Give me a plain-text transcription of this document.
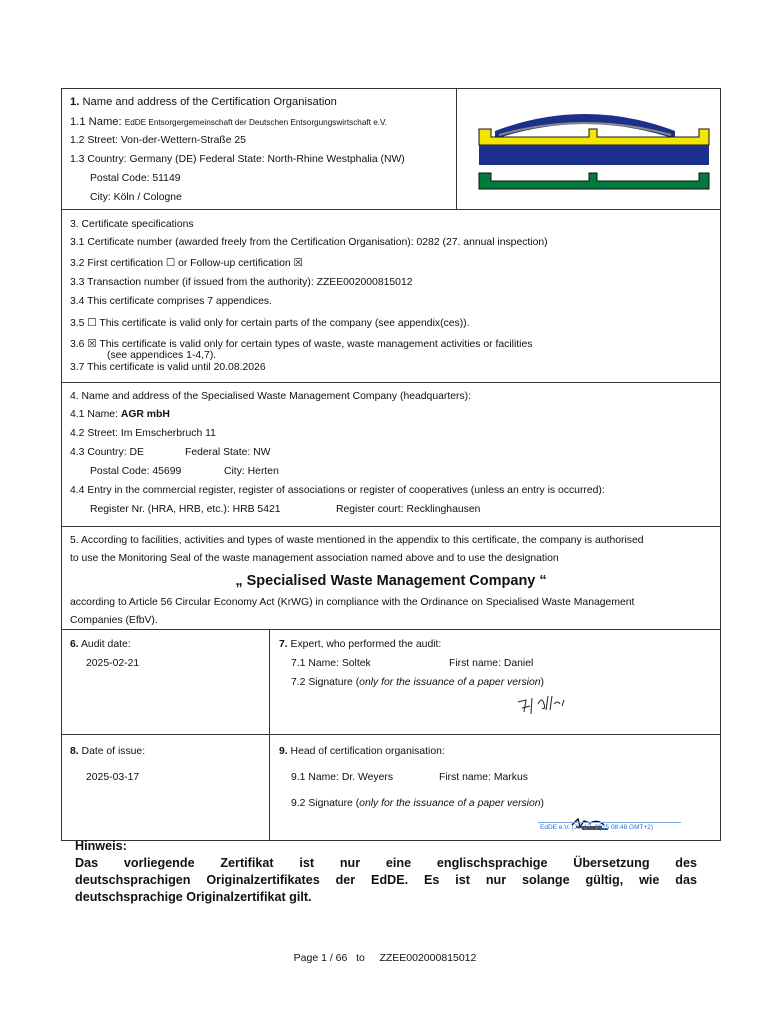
1. Name and address of the Certification Organisation
1.1 Name: EdDE Entsorgergemeinschaft der Deutschen Entsorgungswirtschaft e.V.
1.2 Street: Von-der-Wettern-Straße 25
1.3 Country: Germany (DE) Federal State: North-Rhine Westphalia (NW)
Postal Code: 51149
City: Köln / Cologne
3. Certificate specifications
3.1 Certificate number (awarded freely from the Certification Organisation): 0282 (27. annual inspection)
3.2 First certification ☐ or Follow-up certification ☒
3.3 Transaction number (if issued from the authority): ZZEE002000815012
3.4 This certificate comprises 7 appendices.
3.5 ☐ This certificate is valid only for certain parts of the company (see appendix(ces)).
3.6 ☒ This certificate is valid only for certain types of waste, waste management activities or facilities
(see appendices 1-4,7).
3.7 This certificate is valid until 20.08.2026
4. Name and address of the Specialised Waste Management Company (headquarters):
4.1 Name: AGR mbH
4.2 Street: Im Emscherbruch 11
4.3 Country: DE	Federal State: NW
Postal Code: 45699	City: Herten
4.4 Entry in the commercial register, register of associations or register of cooperatives (unless an entry is occurred):
Register Nr. (HRA, HRB, etc.): HRB 5421	Register court: Recklinghausen
5. According to facilities, activities and types of waste mentioned in the appendix to this certificate, the company is authorised
to use the Monitoring Seal of the waste management association named above and to use the designation
„ Specialised Waste Management Company “
according to Article 56 Circular Economy Act (KrWG) in compliance with the Ordinance on Specialised Waste Management
Companies (EfbV).
6. Audit date:
2025-02-21
7. Expert, who performed the audit:
7.1 Name: Soltek	First name: Daniel
7.2 Signature (only for the issuance of a paper version)
8. Date of issue:
2025-03-17
9. Head of certification organisation:
9.1 Name: Dr. Weyers	First name: Markus
9.2 Signature (only for the issuance of a paper version)
EdDE e.V. (Jul 17, 2025 08:48 GMT+2)
Hinweis:
Das vorliegende Zertifikat ist nur eine englischsprachige Übersetzung des
deutschsprachigen Originalzertifikates der EdDE. Es ist nur solange gültig, wie das
deutschsprachige Originalzertifikat gilt.
Page 1 / 66   to     ZZEE002000815012
